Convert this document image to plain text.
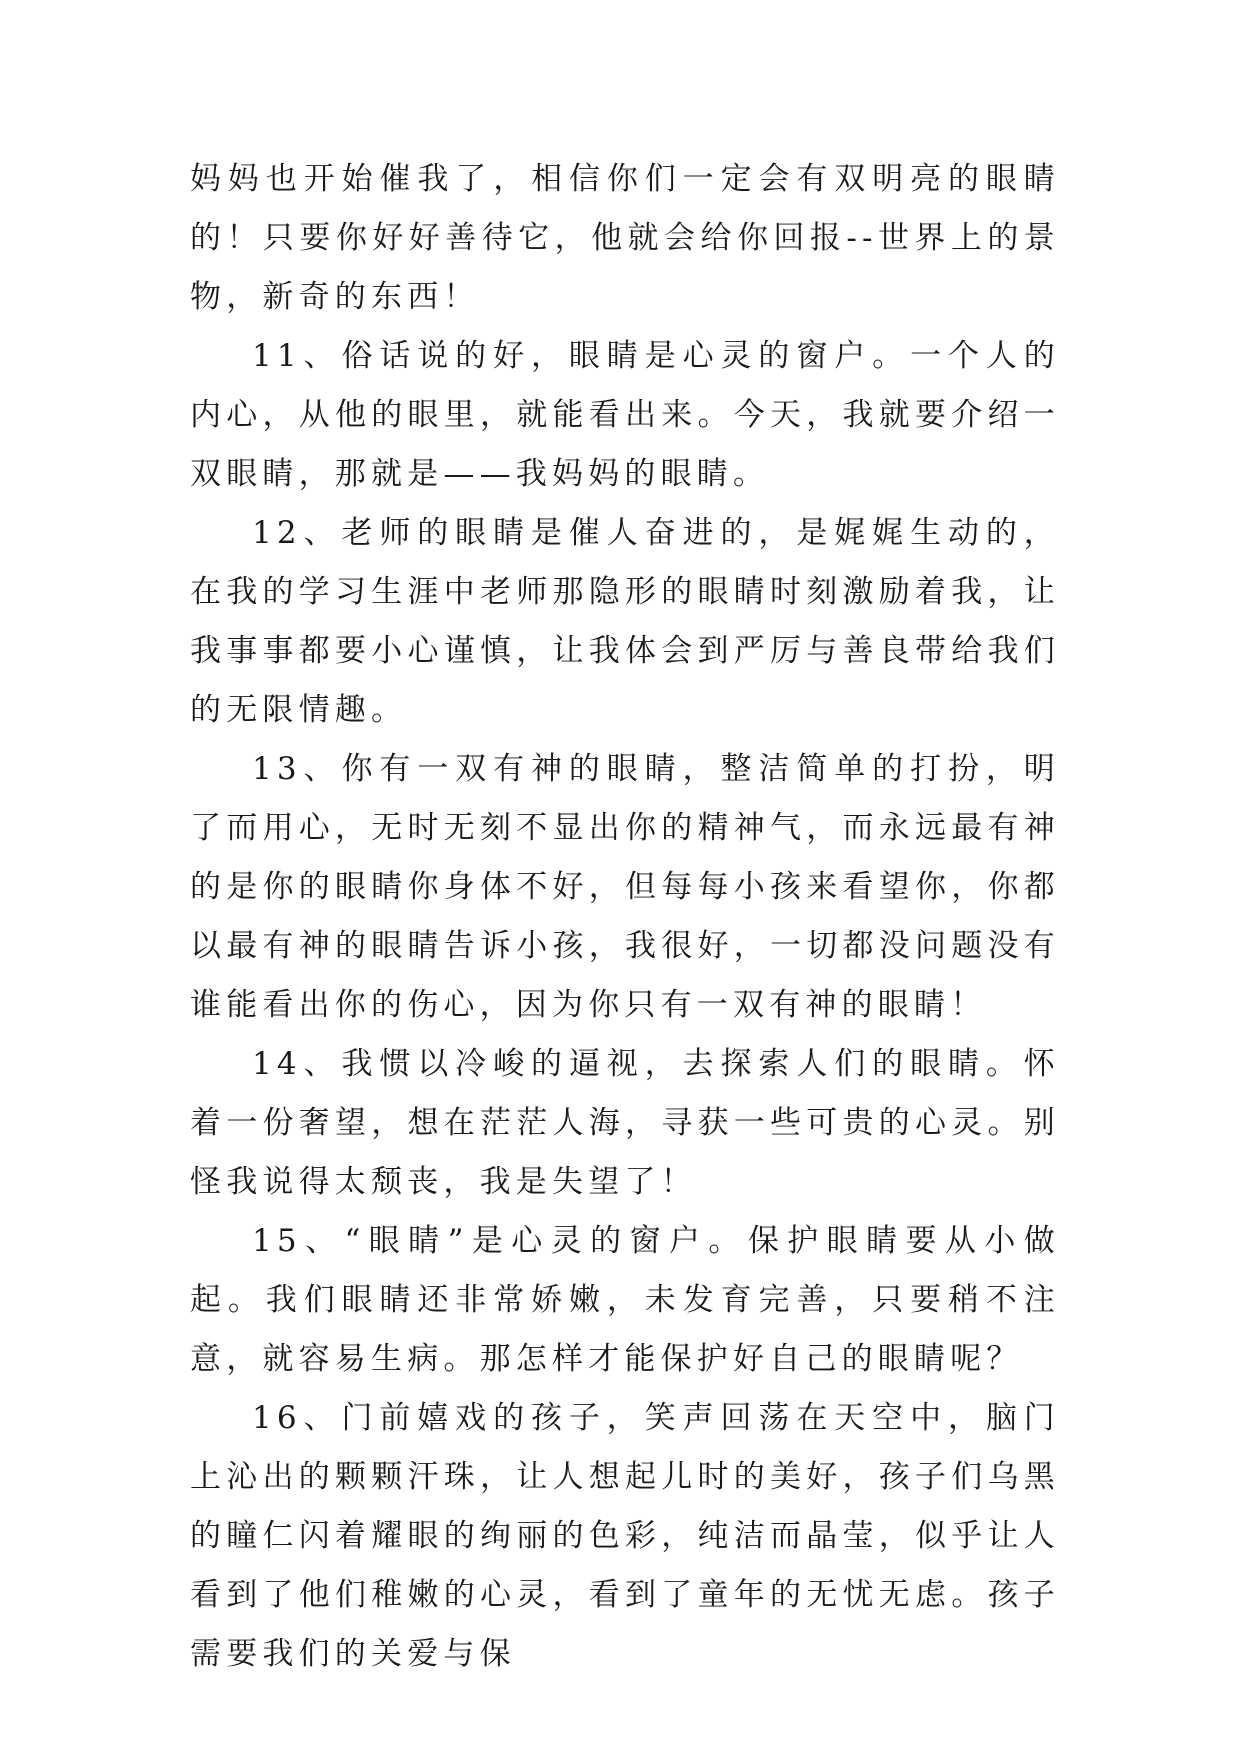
妈妈也开始催我了，相信你们一定会有双明亮的眼睛的！只要你好好善待它，他就会给你回报--世界上的景物，新奇的东西！

11、俗话说的好，眼睛是心灵的窗户。一个人的内心，从他的眼里，就能看出来。今天，我就要介绍一双眼睛，那就是——我妈妈的眼睛。

12、老师的眼睛是催人奋进的，是娓娓生动的，在我的学习生涯中老师那隐形的眼睛时刻激励着我，让我事事都要小心谨慎，让我体会到严厉与善良带给我们的无限情趣。

13、你有一双有神的眼睛，整洁简单的打扮，明了而用心，无时无刻不显出你的精神气，而永远最有神的是你的眼睛你身体不好，但每每小孩来看望你，你都以最有神的眼睛告诉小孩，我很好，一切都没问题没有谁能看出你的伤心，因为你只有一双有神的眼睛！

14、我惯以冷峻的逼视，去探索人们的眼睛。怀着一份奢望，想在茫茫人海，寻获一些可贵的心灵。别怪我说得太颓丧，我是失望了！

15、“眼睛”是心灵的窗户。保护眼睛要从小做起。我们眼睛还非常娇嫩，未发育完善，只要稍不注意，就容易生病。那怎样才能保护好自己的眼睛呢？

16、门前嬉戏的孩子，笑声回荡在天空中，脑门上沁出的颗颗汗珠，让人想起儿时的美好，孩子们乌黑的瞳仁闪着耀眼的绚丽的色彩，纯洁而晶莹，似乎让人看到了他们稚嫩的心灵，看到了童年的无忧无虑。孩子需要我们的关爱与保
